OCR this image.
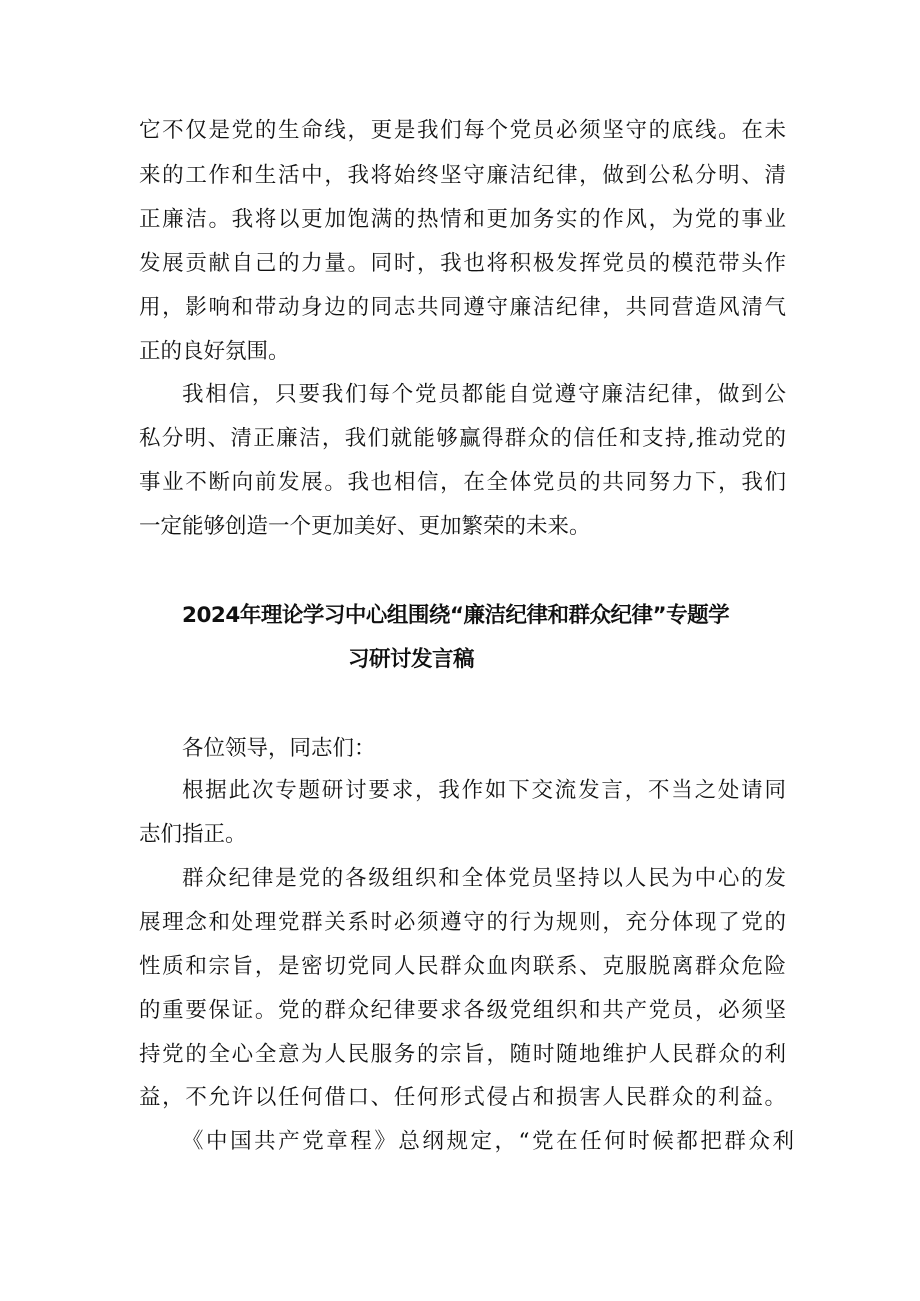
它不仅是党的生命线，更是我们每个党员必须坚守的底线。在未
来的工作和生活中，我将始终坚守廉洁纪律，做到公私分明、清
正廉洁。我将以更加饱满的热情和更加务实的作风，为党的事业
发展贡献自己的力量。同时，我也将积极发挥党员的模范带头作
用，影响和带动身边的同志共同遵守廉洁纪律，共同营造风清气
正的良好氛围。
我相信，只要我们每个党员都能自觉遵守廉洁纪律，做到公
私分明、清正廉洁，我们就能够赢得群众的信任和支持,推动党的
事业不断向前发展。我也相信，在全体党员的共同努力下，我们
一定能够创造一个更加美好、更加繁荣的未来。
2024年理论学习中心组围绕“廉洁纪律和群众纪律”专题学
习研讨发言稿
各位领导，同志们：
根据此次专题研讨要求，我作如下交流发言，不当之处请同
志们指正。
群众纪律是党的各级组织和全体党员坚持以人民为中心的发
展理念和处理党群关系时必须遵守的行为规则，充分体现了党的
性质和宗旨，是密切党同人民群众血肉联系、克服脱离群众危险
的重要保证。党的群众纪律要求各级党组织和共产党员，必须坚
持党的全心全意为人民服务的宗旨，随时随地维护人民群众的利
益，不允许以任何借口、任何形式侵占和损害人民群众的利益。
《中国共产党章程》总纲规定，“党在任何时候都把群众利
